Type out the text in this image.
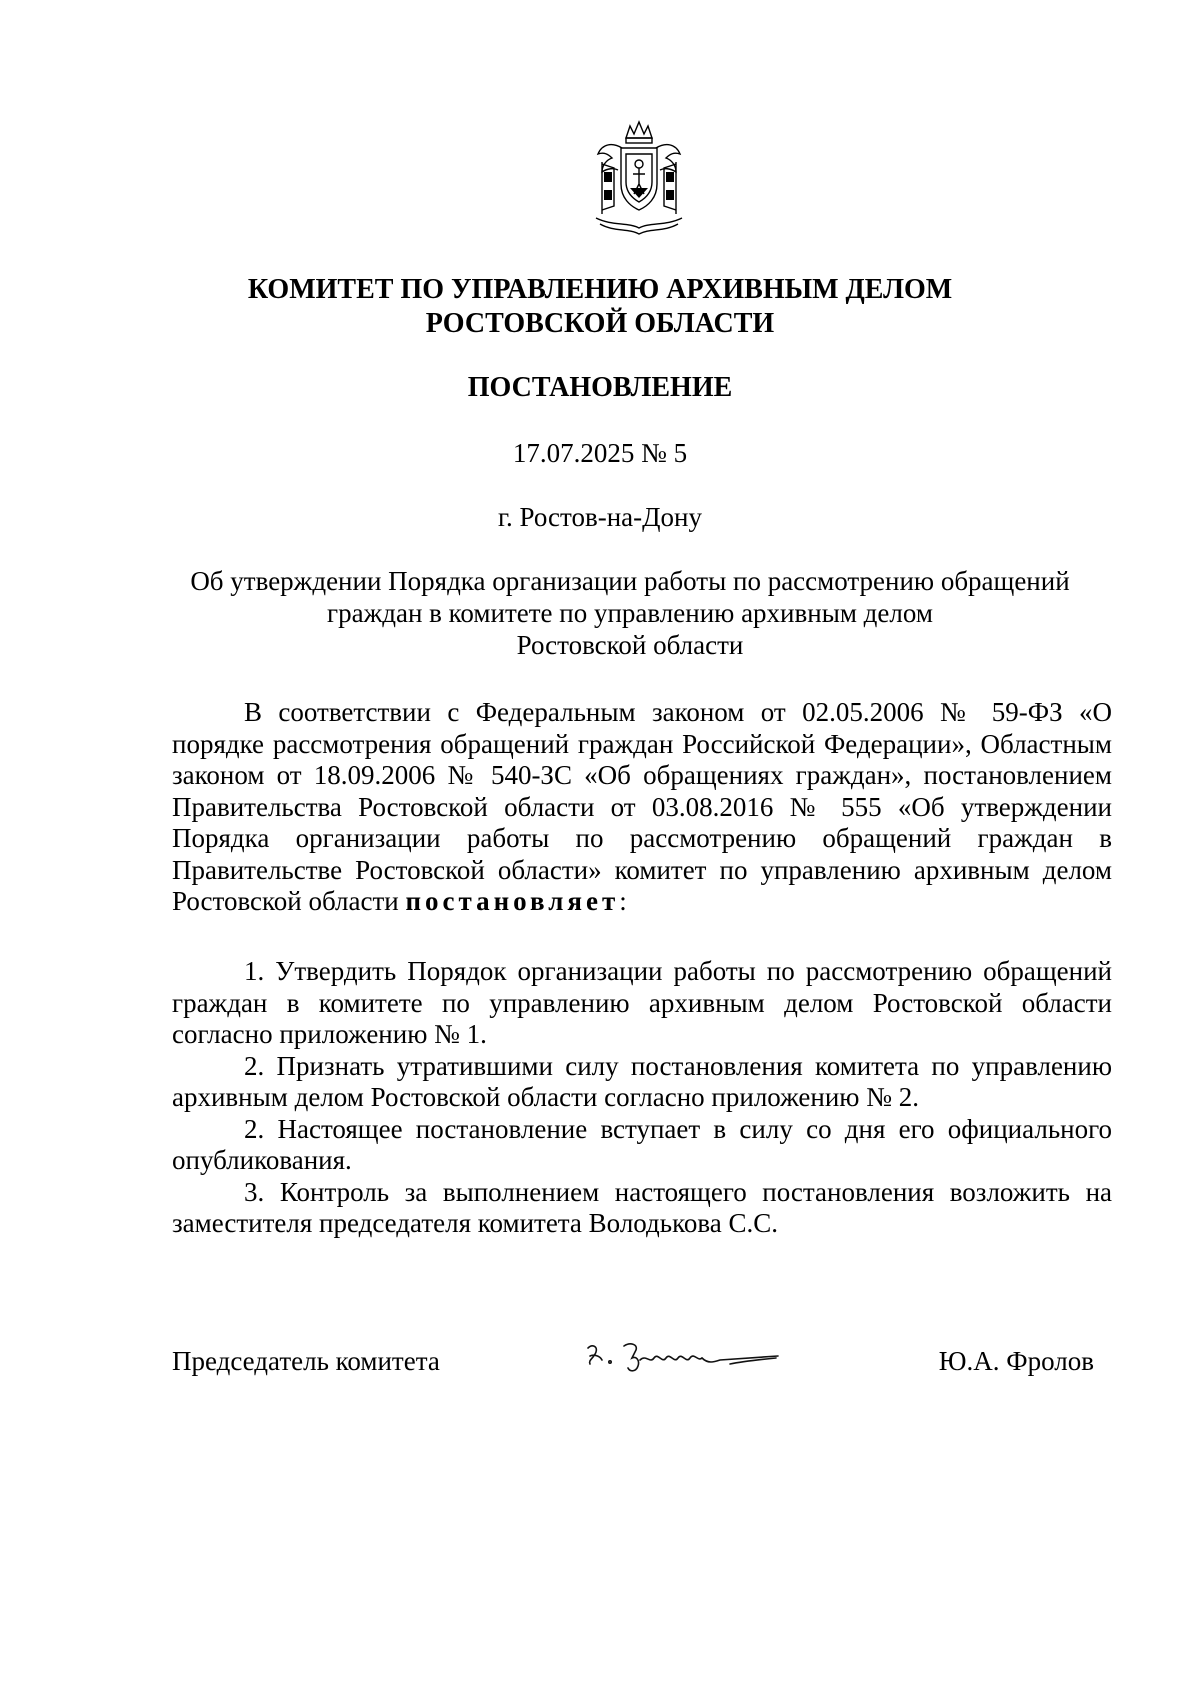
КОМИТЕТ ПО УПРАВЛЕНИЮ АРХИВНЫМ ДЕЛОМ
РОСТОВСКОЙ ОБЛАСТИ
ПОСТАНОВЛЕНИЕ
17.07.2025 № 5
г. Ростов-на-Дону
Об утверждении Порядка организации работы по рассмотрению обращений
граждан в комитете по управлению архивным делом
Ростовской области

В соответствии с Федеральным законом от 02.05.2006 № 59-ФЗ «О порядке рассмотрения обращений граждан Российской Федерации», Областным законом от 18.09.2006 № 540-ЗС «Об обращениях граждан», постановлением Правительства Ростовской области от 03.08.2016 № 555 «Об утверждении Порядка организации работы по рассмотрению обращений граждан в Правительстве Ростовской области» комитет по управлению архивным делом Ростовской области постановляет:

1. Утвердить Порядок организации работы по рассмотрению обращений граждан в комитете по управлению архивным делом Ростовской области согласно приложению № 1.

2. Признать утратившими силу постановления комитета по управлению архивным делом Ростовской области согласно приложению № 2.

2. Настоящее постановление вступает в силу со дня его официального опубликования.

3. Контроль за выполнением настоящего постановления возложить на заместителя председателя комитета Володькова С.С.

Председатель комитета	Ю.А. Фролов
